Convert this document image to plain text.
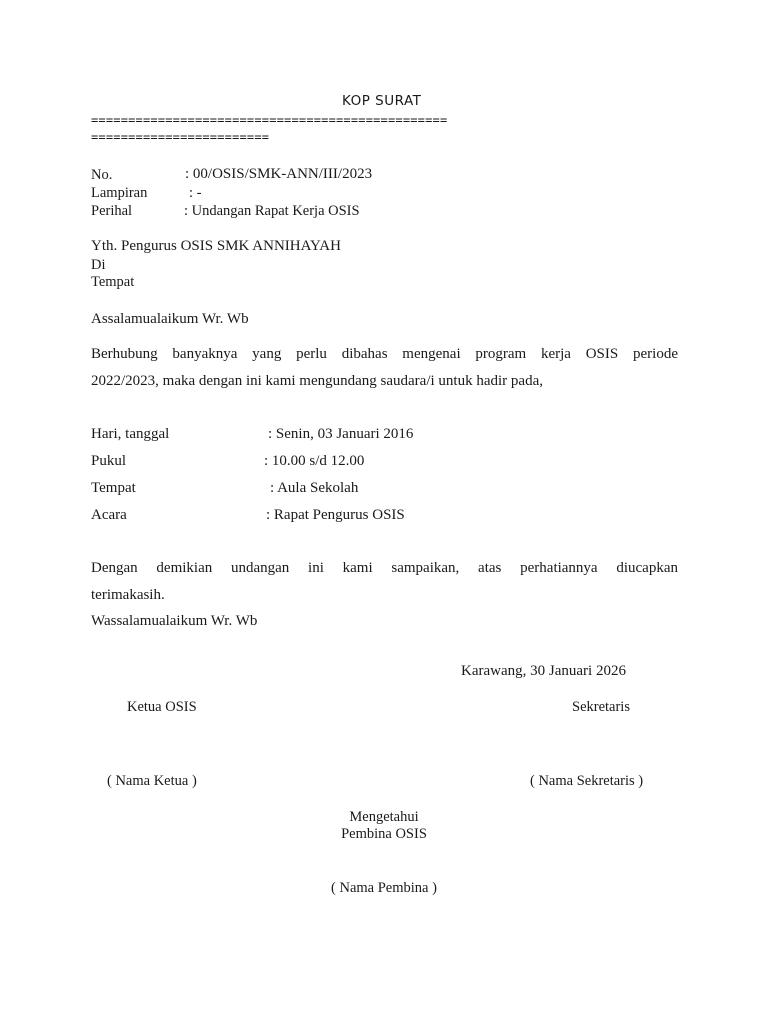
KOP SURAT
================================================
========================
No.	: 00/OSIS/SMK-ANN/III/2023
Lampiran	: -
Perihal	: Undangan Rapat Kerja OSIS
Yth. Pengurus OSIS SMK ANNIHAYAH
Di
Tempat
Assalamualaikum Wr. Wb
Berhubung banyaknya yang perlu dibahas mengenai program kerja OSIS periode
2022/2023, maka dengan ini kami mengundang saudara/i untuk hadir pada,
Hari, tanggal	: Senin, 03 Januari 2016
Pukul	: 10.00 s/d 12.00
Tempat	: Aula Sekolah
Acara	: Rapat Pengurus OSIS
Dengan demikian undangan ini kami sampaikan, atas perhatiannya diucapkan
terimakasih.
Wassalamualaikum Wr. Wb
Karawang, 30 Januari 2026
Ketua OSIS	Sekretaris
( Nama Ketua )	( Nama Sekretaris )
Mengetahui
Pembina OSIS
( Nama Pembina )
